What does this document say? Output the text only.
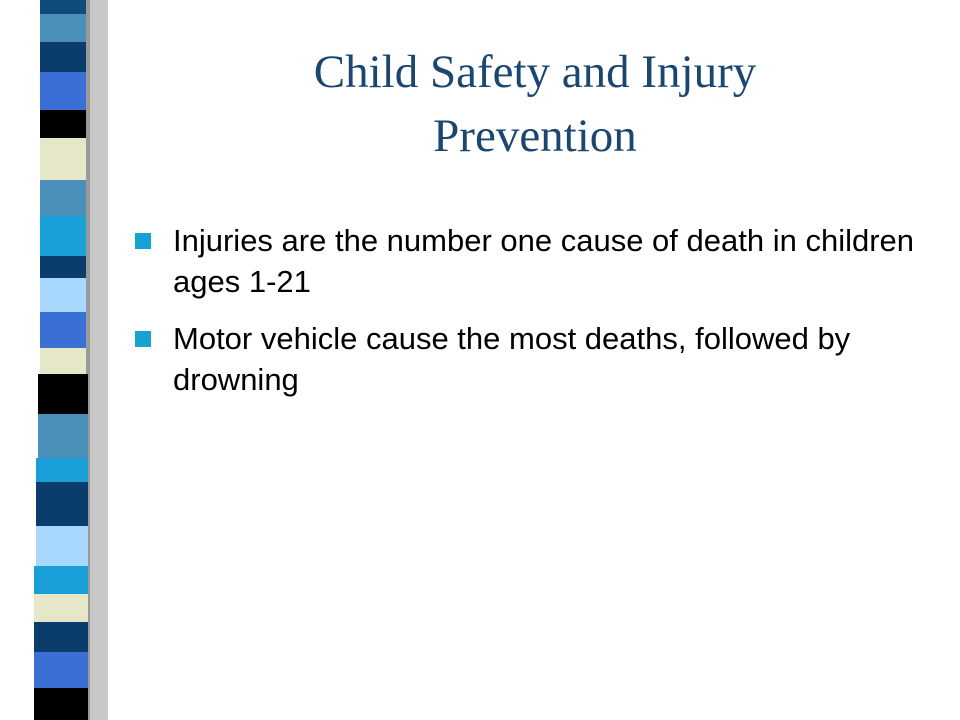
Child Safety and Injury
Prevention
Injuries are the number one cause of death in children ages 1-21
Motor vehicle cause the most deaths, followed by drowning
